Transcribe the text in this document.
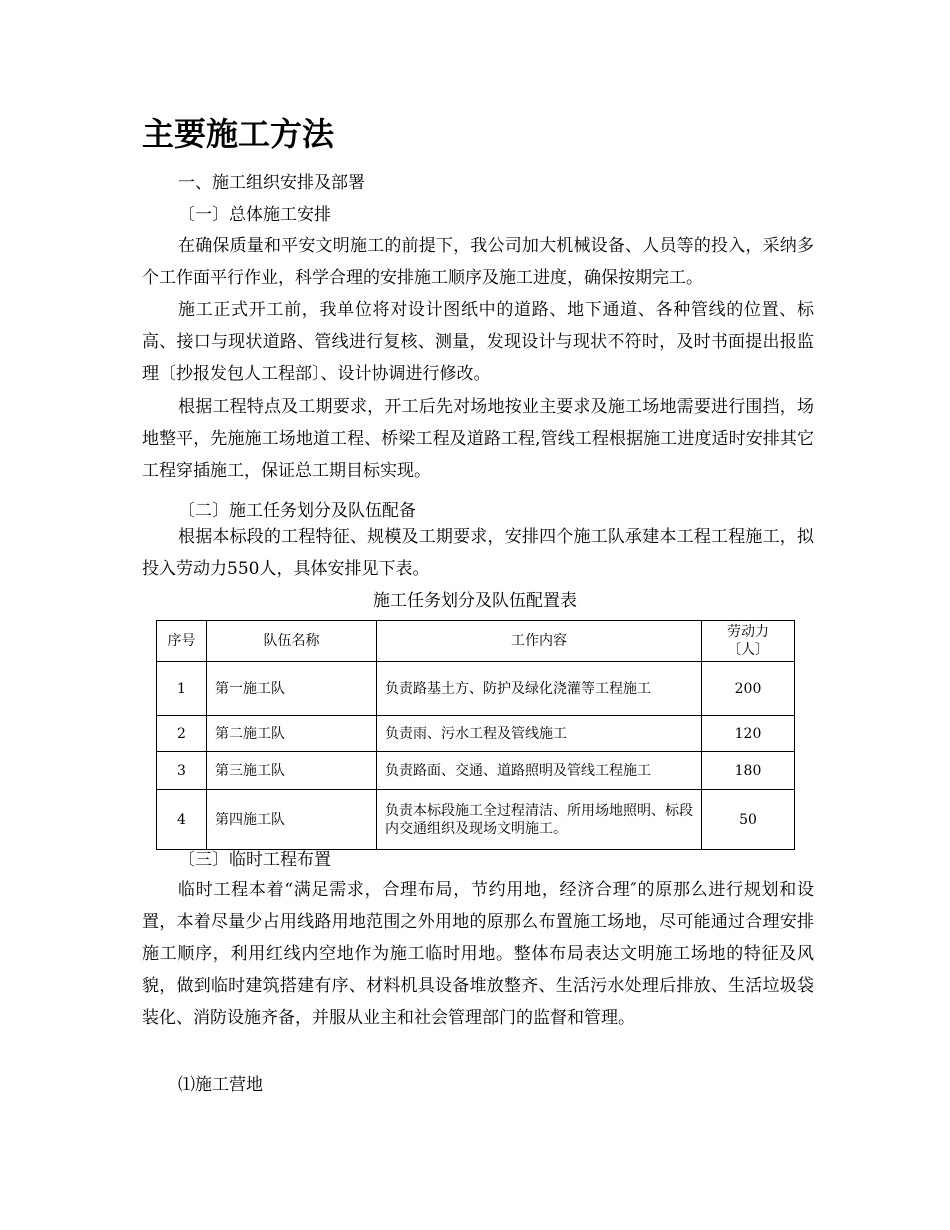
主要施工方法
一、施工组织安排及部署
〔一〕总体施工安排
在确保质量和平安文明施工的前提下，我公司加大机械设备、人员等的投入，采纳多个工作面平行作业，科学合理的安排施工顺序及施工进度，确保按期完工。
施工正式开工前，我单位将对设计图纸中的道路、地下通道、各种管线的位置、标高、接口与现状道路、管线进行复核、测量，发现设计与现状不符时，及时书面提出报监理〔抄报发包人工程部〕、设计协调进行修改。
根据工程特点及工期要求，开工后先对场地按业主要求及施工场地需要进行围挡，场地整平，先施施工场地道工程、桥梁工程及道路工程,管线工程根据施工进度适时安排其它工程穿插施工，保证总工期目标实现。
〔二〕施工任务划分及队伍配备
根据本标段的工程特征、规模及工期要求，安排四个施工队承建本工程工程施工，拟投入劳动力550人，具体安排见下表。
施工任务划分及队伍配置表
序号	队伍名称	工作内容	劳动力〔人〕
1	第一施工队	负责路基土方、防护及绿化浇灌等工程施工	200
2	第二施工队	负责雨、污水工程及管线施工	120
3	第三施工队	负责路面、交通、道路照明及管线工程施工	180
4	第四施工队	负责本标段施工全过程清洁、所用场地照明、标段内交通组织及现场文明施工。	50
〔三〕临时工程布置
临时工程本着“满足需求，合理布局，节约用地，经济合理″的原那么进行规划和设置，本着尽量少占用线路用地范围之外用地的原那么布置施工场地，尽可能通过合理安排施工顺序，利用红线内空地作为施工临时用地。整体布局表达文明施工场地的特征及风貌，做到临时建筑搭建有序、材料机具设备堆放整齐、生活污水处理后排放、生活垃圾袋装化、消防设施齐备，并服从业主和社会管理部门的监督和管理。
⑴施工营地
